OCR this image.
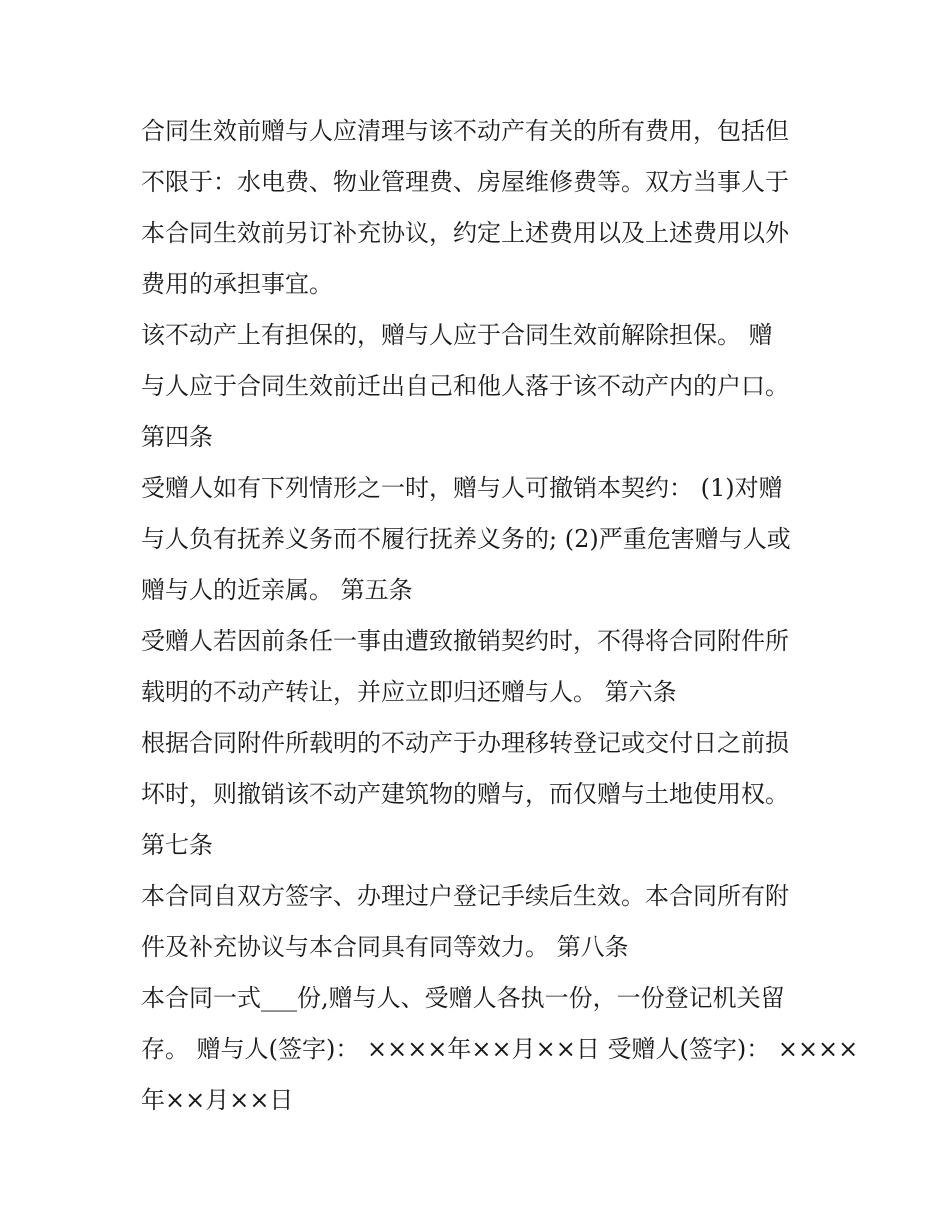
合同生效前赠与人应清理与该不动产有关的所有费用，包括但
不限于：水电费、物业管理费、房屋维修费等。双方当事人于
本合同生效前另订补充协议，约定上述费用以及上述费用以外
费用的承担事宜。
该不动产上有担保的，赠与人应于合同生效前解除担保。 赠
与人应于合同生效前迁出自己和他人落于该不动产内的户口。
第四条
受赠人如有下列情形之一时，赠与人可撤销本契约： (1)对赠
与人负有抚养义务而不履行抚养义务的; (2)严重危害赠与人或
赠与人的近亲属。 第五条
受赠人若因前条任一事由遭致撤销契约时，不得将合同附件所
载明的不动产转让，并应立即归还赠与人。 第六条
根据合同附件所载明的不动产于办理移转登记或交付日之前损
坏时，则撤销该不动产建筑物的赠与，而仅赠与土地使用权。
第七条
本合同自双方签字、办理过户登记手续后生效。本合同所有附
件及补充协议与本合同具有同等效力。 第八条
本合同一式___份,赠与人、受赠人各执一份，一份登记机关留
存。 赠与人(签字)： ××××年××月××日 受赠人(签字)： ××××
年××月××日
